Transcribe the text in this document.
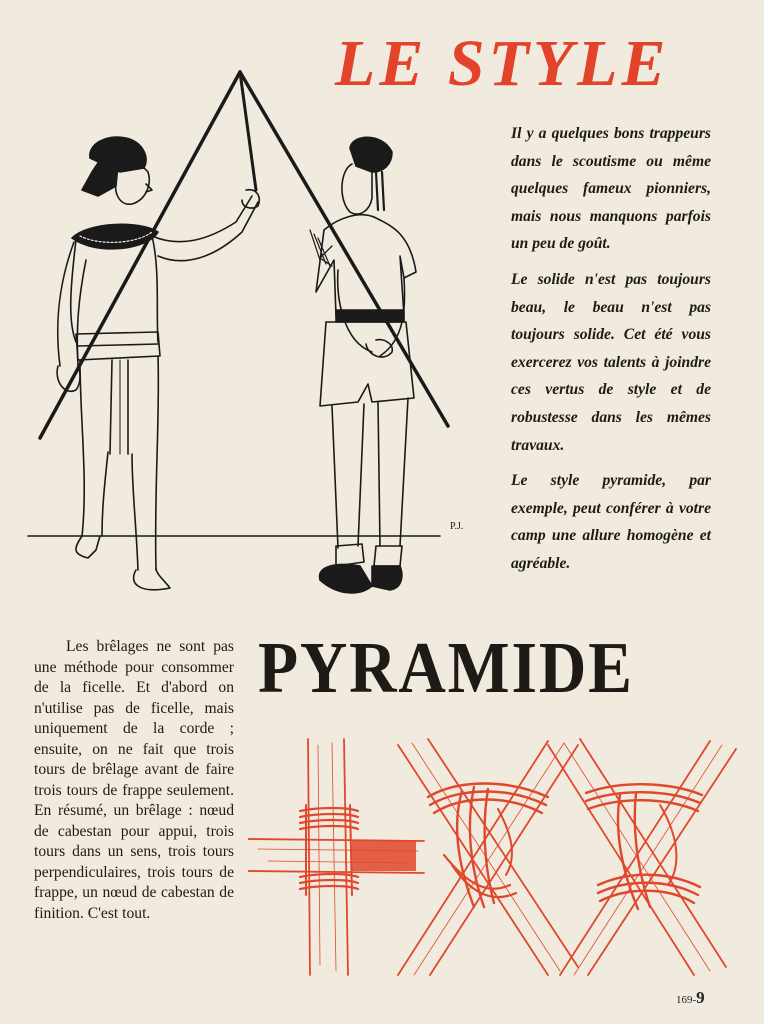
LE STYLE

Il y a quelques bons trappeurs dans le scoutisme ou même quelques fameux pionniers, mais nous manquons parfois un peu de goût.

Le solide n'est pas toujours beau, le beau n'est pas toujours solide. Cet été vous exercerez vos talents à joindre ces vertus de style et de robustesse dans les mêmes travaux.

Le style pyramide, par exemple, peut conférer à votre camp une allure homogène et agréable.

P.J.

Les brêlages ne sont pas une méthode pour consommer de la ficelle. Et d'abord on n'utilise pas de ficelle, mais uniquement de la corde ; ensuite, on ne fait que trois tours de brêlage avant de faire trois tours de frappe seulement. En résumé, un brêlage : nœud de cabestan pour appui, trois tours dans un sens, trois tours perpendiculaires, trois tours de frappe, un nœud de cabestan de finition. C'est tout.

PYRAMIDE
169-9
